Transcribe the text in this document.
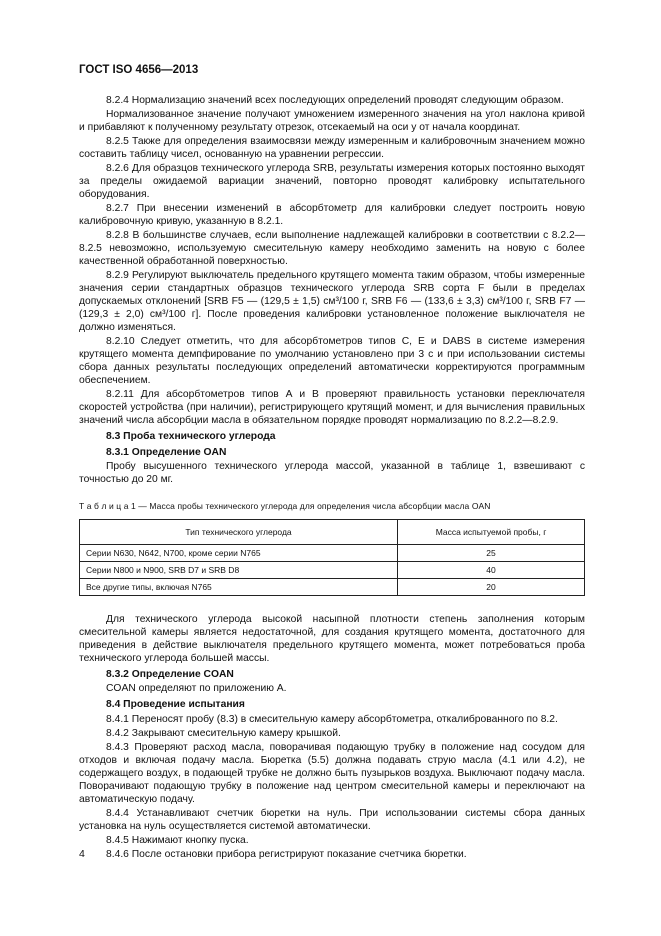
ГОСТ ISO 4656—2013

8.2.4 Нормализацию значений всех последующих определений проводят следующим образом.

Нормализованное значение получают умножением измеренного значения на угол наклона кривой и прибавляют к полученному результату отрезок, отсекаемый на оси y от начала координат.

8.2.5 Также для определения взаимосвязи между измеренным и калибровочным значением можно составить таблицу чисел, основанную на уравнении регрессии.

8.2.6 Для образцов технического углерода SRB, результаты измерения которых постоянно выходят за пределы ожидаемой вариации значений, повторно проводят калибровку испытательного оборудования.

8.2.7 При внесении изменений в абсорбтометр для калибровки следует построить новую калибровочную кривую, указанную в 8.2.1.

8.2.8 В большинстве случаев, если выполнение надлежащей калибровки в соответствии с 8.2.2—8.2.5 невозможно, используемую смесительную камеру необходимо заменить на новую с более качественной обработанной поверхностью.

8.2.9 Регулируют выключатель предельного крутящего момента таким образом, чтобы измеренные значения серии стандартных образцов технического углерода SRB сорта F были в пределах допускаемых отклонений [SRB F5 — (129,5 ± 1,5) см³/100 г, SRB F6 — (133,6 ± 3,3) см³/100 г, SRB F7 — (129,3 ± 2,0) см³/100 г]. После проведения калибровки установленное положение выключателя не должно изменяться.

8.2.10 Следует отметить, что для абсорбтометров типов С, Е и DABS в системе измерения крутящего момента демпфирование по умолчанию установлено при 3 с и при использовании системы сбора данных результаты последующих определений автоматически корректируются программным обеспечением.

8.2.11 Для абсорбтометров типов А и В проверяют правильность установки переключателя скоростей устройства (при наличии), регистрирующего крутящий момент, и для вычисления правильных значений числа абсорбции масла в обязательном порядке проводят нормализацию по 8.2.2—8.2.9.

8.3 Проба технического углерода
8.3.1 Определение OAN

Пробу высушенного технического углерода массой, указанной в таблице 1, взвешивают с точностью до 20 мг.

Т а б л и ц а 1 — Масса пробы технического углерода для определения числа абсорбции масла OAN
Тип технического углерода	Масса испытуемой пробы, г
Серии N630, N642, N700, кроме серии N765	25
Серии N800 и N900, SRB D7 и SRB D8	40
Все другие типы, включая N765	20

Для технического углерода высокой насыпной плотности степень заполнения которым смесительной камеры является недостаточной, для создания крутящего момента, достаточного для приведения в действие выключателя предельного крутящего момента, может потребоваться проба технического углерода большей массы.

8.3.2 Определение COAN

COAN определяют по приложению А.

8.4 Проведение испытания

8.4.1 Переносят пробу (8.3) в смесительную камеру абсорбтометра, откалиброванного по 8.2.

8.4.2 Закрывают смесительную камеру крышкой.

8.4.3 Проверяют расход масла, поворачивая подающую трубку в положение над сосудом для отходов и включая подачу масла. Бюретка (5.5) должна подавать струю масла (4.1 или 4.2), не содержащего воздух, в подающей трубке не должно быть пузырьков воздуха. Выключают подачу масла. Поворачивают подающую трубку в положение над центром смесительной камеры и переключают на автоматическую подачу.

8.4.4 Устанавливают счетчик бюретки на нуль. При использовании системы сбора данных установка на нуль осуществляется системой автоматически.

8.4.5 Нажимают кнопку пуска.

8.4.6 После остановки прибора регистрируют показание счетчика бюретки.

4
